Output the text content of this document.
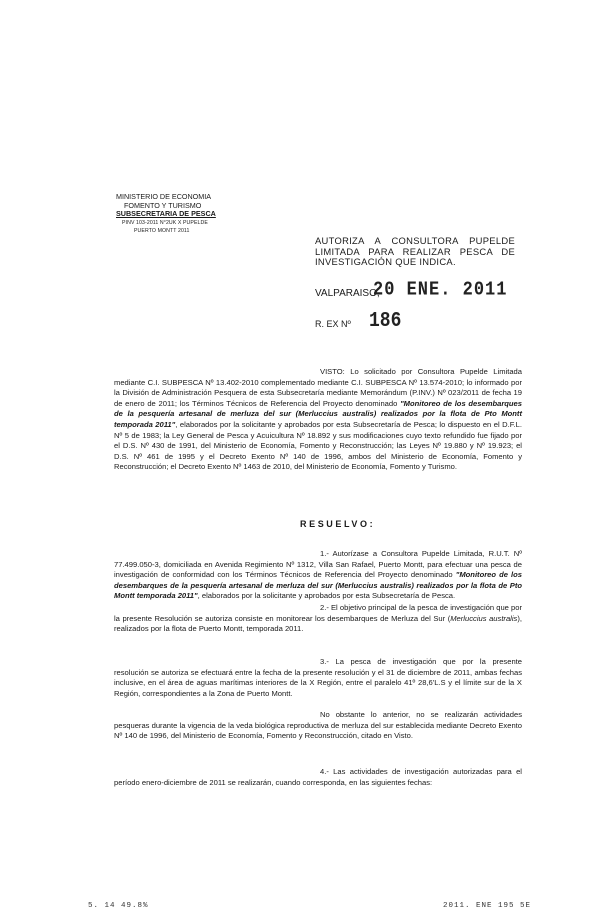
MINISTERIO DE ECONOMIA
FOMENTO Y TURISMO
SUBSECRETARIA DE PESCA
PINV 103-2011 N°2UK X PUPELDE
PUERTO MONTT 2011
AUTORIZA A CONSULTORA PUPELDE LIMITADA PARA REALIZAR PESCA DE INVESTIGACIÓN QUE INDICA.
VALPARAISO,
20 ENE. 2011
R. EX Nº 186

VISTO: Lo solicitado por Consultora Pupelde Limitada mediante C.I. SUBPESCA Nº 13.402-2010 complementado mediante C.I. SUBPESCA Nº 13.574-2010; lo informado por la División de Administración Pesquera de esta Subsecretaría mediante Memorándum (P.INV.) Nº 023/2011 de fecha 19 de enero de 2011; los Términos Técnicos de Referencia del Proyecto denominado "Monitoreo de los desembarques de la pesquería artesanal de merluza del sur (Merluccius australis) realizados por la flota de Pto Montt temporada 2011", elaborados por la solicitante y aprobados por esta Subsecretaría de Pesca; lo dispuesto en el D.F.L. Nº 5 de 1983; la Ley General de Pesca y Acuicultura Nº 18.892 y sus modificaciones cuyo texto refundido fue fijado por el D.S. Nº 430 de 1991, del Ministerio de Economía, Fomento y Reconstrucción; las Leyes Nº 19.880 y Nº 19.923; el D.S. Nº 461 de 1995 y el Decreto Exento Nº 140 de 1996, ambos del Ministerio de Economía, Fomento y Reconstrucción; el Decreto Exento Nº 1463 de 2010, del Ministerio de Economía, Fomento y Turismo.

RESUELVO:

1.- Autorízase a Consultora Pupelde Limitada, R.U.T. Nº 77.499.050-3, domiciliada en Avenida Regimiento Nº 1312, Villa San Rafael, Puerto Montt, para efectuar una pesca de investigación de conformidad con los Términos Técnicos de Referencia del Proyecto denominado "Monitoreo de los desembarques de la pesquería artesanal de merluza del sur (Merluccius australis) realizados por la flota de Pto Montt temporada 2011", elaborados por la solicitante y aprobados por esta Subsecretaría de Pesca.

2.- El objetivo principal de la pesca de investigación que por la presente Resolución se autoriza consiste en monitorear los desembarques de Merluza del Sur (Merluccius australis), realizados por la flota de Puerto Montt, temporada 2011.

3.- La pesca de investigación que por la presente resolución se autoriza se efectuará entre la fecha de la presente resolución y el 31 de diciembre de 2011, ambas fechas inclusive, en el área de aguas marítimas interiores de la X Región, entre el paralelo 41º 28,6'L.S y el límite sur de la X Región, correspondientes a la Zona de Puerto Montt.

No obstante lo anterior, no se realizarán actividades pesqueras durante la vigencia de la veda biológica reproductiva de merluza del sur establecida mediante Decreto Exento Nº 140 de 1996, del Ministerio de Economía, Fomento y Reconstrucción, citado en Visto.

4.- Las actividades de investigación autorizadas para el período enero-diciembre de 2011 se realizarán, cuando corresponda, en las siguientes fechas:

5. 14 49.8%	2011. ENE 195 5E
